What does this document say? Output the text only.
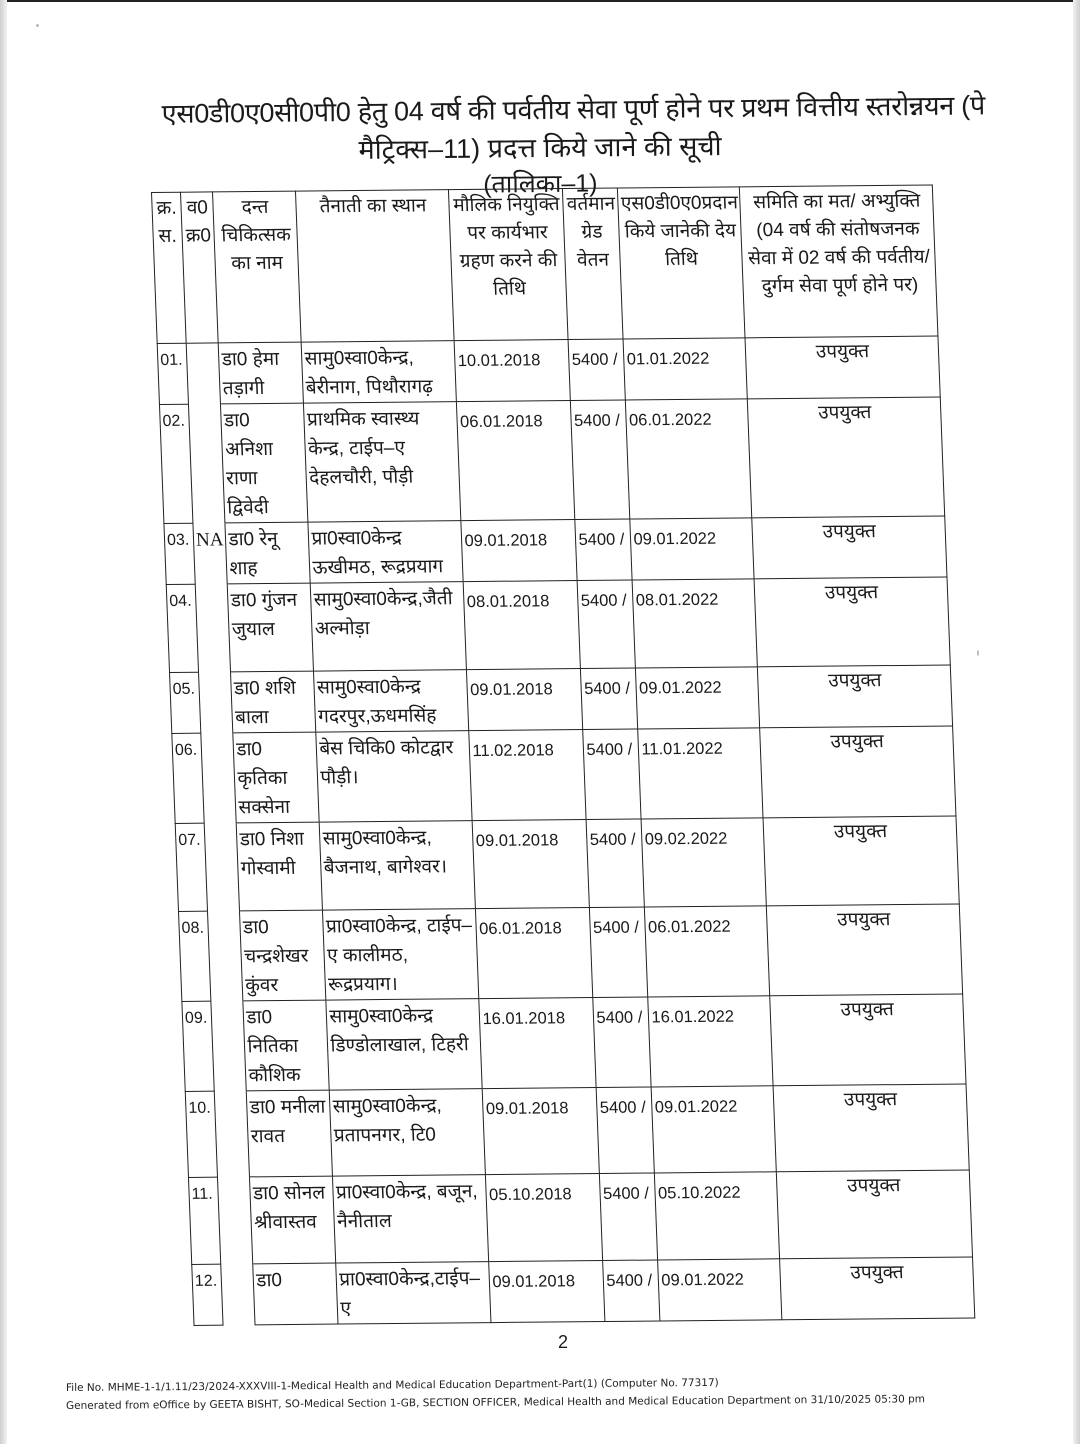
एस0डी0ए0सी0पी0 हेतु 04 वर्ष की पर्वतीय सेवा पूर्ण होने पर प्रथम वित्तीय स्तरोन्नयन (पे
मैट्रिक्स–11) प्रदत्त किये जाने की सूची
(तालिका–1)
क्र. स.	व0 क्र0	दन्त चिकित्सक का नाम	तैनाती का स्थान	मौलिक नियुक्ति पर कार्यभार ग्रहण करने की तिथि	वर्तमान ग्रेड वेतन	एस0डी0ए0प्रदान किये जानेकी देय तिथि	समिति का मत/ अभ्युक्ति (04 वर्ष की संतोषजनक सेवा में 02 वर्ष की पर्वतीय/दुर्गम सेवा पूर्ण होने पर)
01.		डा0 हेमा तड़ागी	सामु0स्वा0केन्द्र, बेरीनाग, पिथौरागढ़	10.01.2018	5400 /	01.01.2022	उपयुक्त
02.		डा0 अनिशा राणा द्विवेदी	प्राथमिक स्वास्थ्य केन्द्र, टाईप–ए देहलचौरी, पौड़ी	06.01.2018	5400 /	06.01.2022	उपयुक्त
03.	NA	डा0 रेनू शाह	प्रा0स्वा0केन्द्र ऊखीमठ, रूद्रप्रयाग	09.01.2018	5400 /	09.01.2022	उपयुक्त
04.		डा0 गुंजन जुयाल	सामु0स्वा0केन्द्र,जैती अल्मोड़ा	08.01.2018	5400 /	08.01.2022	उपयुक्त
05.		डा0 शशि बाला	सामु0स्वा0केन्द्र गदरपुर,ऊधमसिंह	09.01.2018	5400 /	09.01.2022	उपयुक्त
06.		डा0 कृतिका सक्सेना	बेस चिकि0 कोटद्वार पौड़ी।	11.02.2018	5400 /	11.01.2022	उपयुक्त
07.		डा0 निशा गोस्वामी	सामु0स्वा0केन्द्र, बैजनाथ, बागेश्वर।	09.01.2018	5400 /	09.02.2022	उपयुक्त
08.		डा0 चन्द्रशेखर कुंवर	प्रा0स्वा0केन्द्र, टाईप–ए कालीमठ, रूद्रप्रयाग।	06.01.2018	5400 /	06.01.2022	उपयुक्त
09.		डा0 नितिका कौशिक	सामु0स्वा0केन्द्र डिण्डोलाखाल, टिहरी	16.01.2018	5400 /	16.01.2022	उपयुक्त
10.		डा0 मनीला रावत	सामु0स्वा0केन्द्र, प्रतापनगर, टि0	09.01.2018	5400 /	09.01.2022	उपयुक्त
11.		डा0 सोनल श्रीवास्तव	प्रा0स्वा0केन्द्र, बजून, नैनीताल	05.10.2018	5400 /	05.10.2022	उपयुक्त
12.		डा0	प्रा0स्वा0केन्द्र,टाईप–ए	09.01.2018	5400 /	09.01.2022	उपयुक्त
2
File No. MHME-1-1/1.11/23/2024-XXXVIII-1-Medical Health and Medical Education Department-Part(1) (Computer No. 77317)
Generated from eOffice by GEETA BISHT, SO-Medical Section 1-GB, SECTION OFFICER, Medical Health and Medical Education Department on 31/10/2025 05:30 pm
